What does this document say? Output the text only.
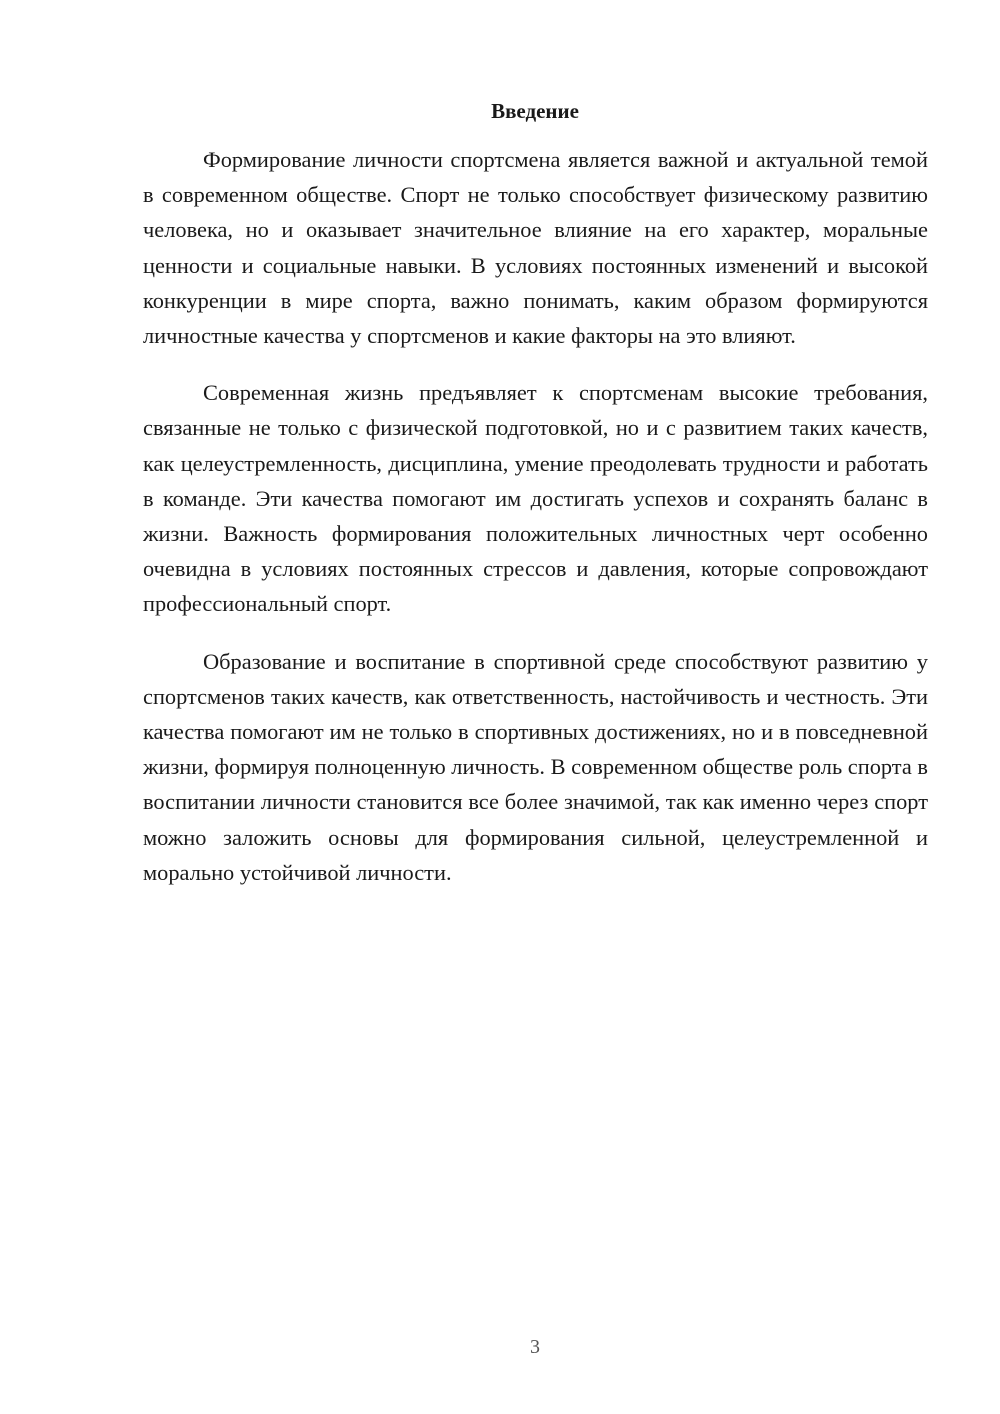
Введение

Формирование личности спортсмена является важной и актуальной темой в современном обществе. Спорт не только способствует физическому развитию человека, но и оказывает значительное влияние на его характер, моральные ценности и социальные навыки. В условиях постоянных изменений и высокой конкуренции в мире спорта, важно понимать, каким образом формируются личностные качества у спортсменов и какие факторы на это влияют.

Современная жизнь предъявляет к спортсменам высокие требования, связанные не только с физической подготовкой, но и с развитием таких качеств, как целеустремленность, дисциплина, умение преодолевать трудности и работать в команде. Эти качества помогают им достигать успехов и сохранять баланс в жизни. Важность формирования положительных личностных черт особенно очевидна в условиях постоянных стрессов и давления, которые сопровождают профессиональный спорт.

Образование и воспитание в спортивной среде способствуют развитию у спортсменов таких качеств, как ответственность, настойчивость и честность. Эти качества помогают им не только в спортивных достижениях, но и в повседневной жизни, формируя полноценную личность. В современном обществе роль спорта в воспитании личности становится все более значимой, так как именно через спорт можно заложить основы для формирования сильной, целеустремленной и морально устойчивой личности.

3
